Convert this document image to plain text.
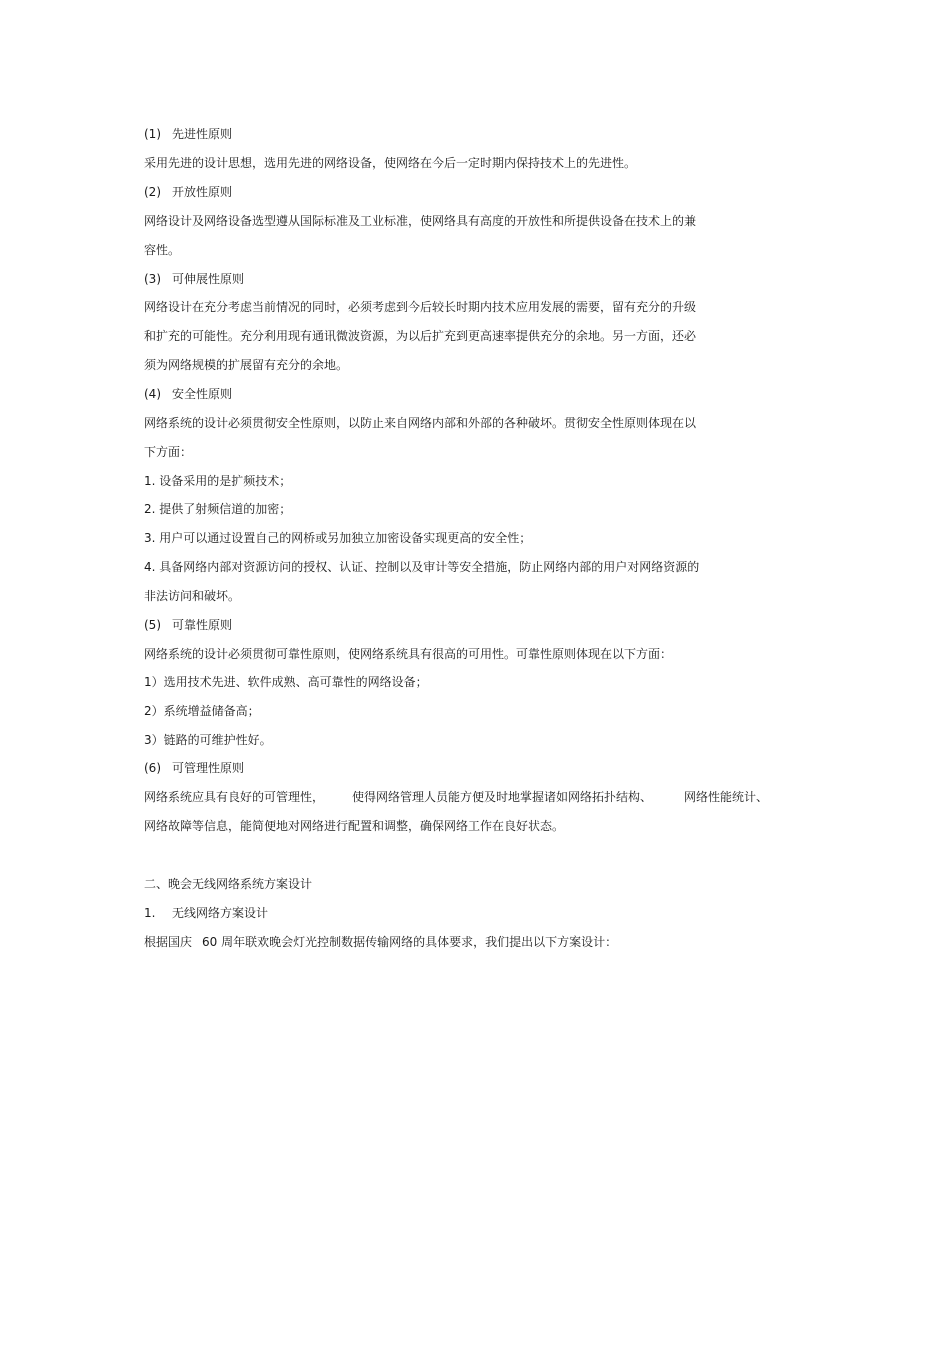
(1) 先进性原则
采用先进的设计思想，选用先进的网络设备，使网络在今后一定时期内保持技术上的先进性。
(2) 开放性原则
网络设计及网络设备选型遵从国际标准及工业标准，使网络具有高度的开放性和所提供设备在技术上的兼
容性。
(3) 可伸展性原则
网络设计在充分考虑当前情况的同时，必须考虑到今后较长时期内技术应用发展的需要，留有充分的升级
和扩充的可能性。充分利用现有通讯微波资源，为以后扩充到更高速率提供充分的余地。另一方面，还必
须为网络规模的扩展留有充分的余地。
(4) 安全性原则
网络系统的设计必须贯彻安全性原则，以防止来自网络内部和外部的各种破坏。贯彻安全性原则体现在以
下方面：
1. 设备采用的是扩频技术；
2. 提供了射频信道的加密；
3. 用户可以通过设置自己的网桥或另加独立加密设备实现更高的安全性；
4. 具备网络内部对资源访问的授权、认证、控制以及审计等安全措施，防止网络内部的用户对网络资源的
非法访问和破坏。
(5) 可靠性原则
网络系统的设计必须贯彻可靠性原则，使网络系统具有很高的可用性。可靠性原则体现在以下方面：
1）选用技术先进、软件成熟、高可靠性的网络设备；
2）系统增益储备高；
3）链路的可维护性好。
(6) 可管理性原则
网络系统应具有良好的可管理性， 使得网络管理人员能方便及时地掌握诸如网络拓扑结构、	网络性能统计、
网络故障等信息，能简便地对网络进行配置和调整，确保网络工作在良好状态。
二、晚会无线网络系统方案设计
1. 无线网络方案设计
根据国庆 60 周年联欢晚会灯光控制数据传输网络的具体要求，我们提出以下方案设计：
